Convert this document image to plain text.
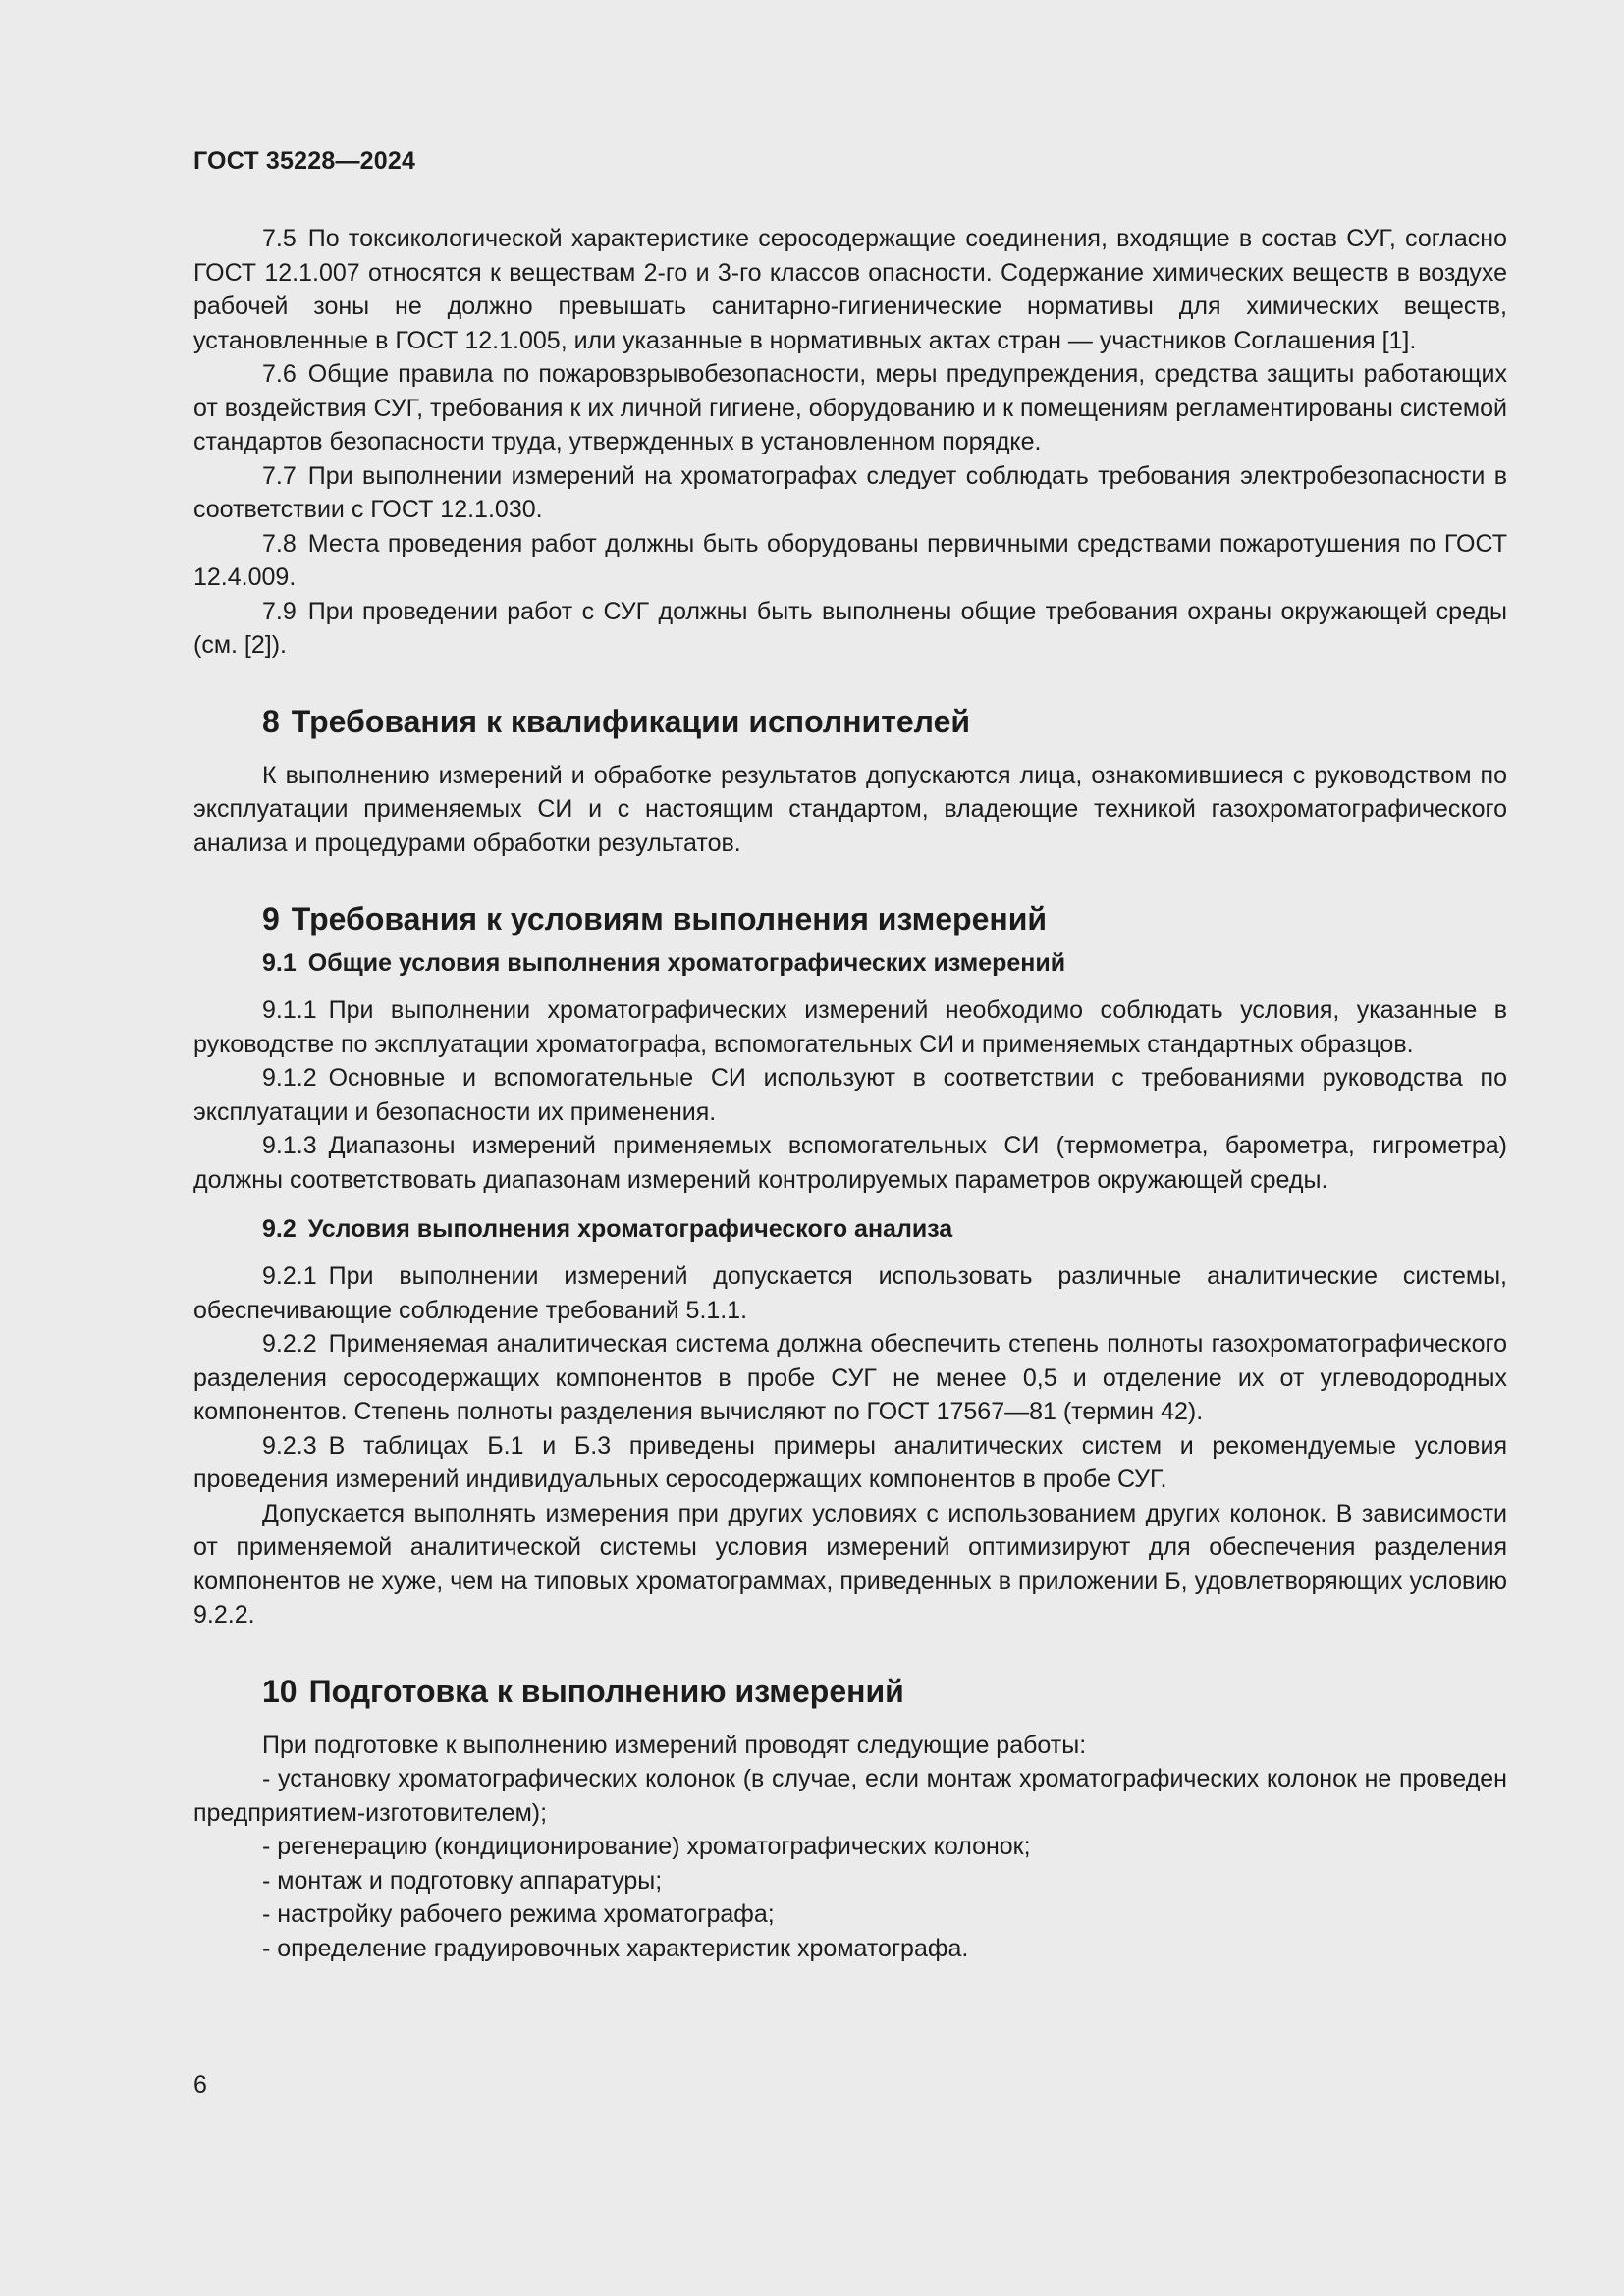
ГОСТ 35228—2024

7.5 По токсикологической характеристике серосодержащие соединения, входящие в состав СУГ, согласно ГОСТ 12.1.007 относятся к веществам 2-го и 3-го классов опасности. Содержание химических веществ в воздухе рабочей зоны не должно превышать санитарно-гигиенические нормативы для химических веществ, установленные в ГОСТ 12.1.005, или указанные в нормативных актах стран — участников Соглашения [1].

7.6 Общие правила по пожаровзрывобезопасности, меры предупреждения, средства защиты работающих от воздействия СУГ, требования к их личной гигиене, оборудованию и к помещениям регламентированы системой стандартов безопасности труда, утвержденных в установленном порядке.

7.7 При выполнении измерений на хроматографах следует соблюдать требования электробезопасности в соответствии с ГОСТ 12.1.030.

7.8 Места проведения работ должны быть оборудованы первичными средствами пожаротушения по ГОСТ 12.4.009.

7.9 При проведении работ с СУГ должны быть выполнены общие требования охраны окружающей среды (см. [2]).

8 Требования к квалификации исполнителей

К выполнению измерений и обработке результатов допускаются лица, ознакомившиеся с руководством по эксплуатации применяемых СИ и с настоящим стандартом, владеющие техникой газохроматографического анализа и процедурами обработки результатов.

9 Требования к условиям выполнения измерений
9.1 Общие условия выполнения хроматографических измерений

9.1.1 При выполнении хроматографических измерений необходимо соблюдать условия, указанные в руководстве по эксплуатации хроматографа, вспомогательных СИ и применяемых стандартных образцов.

9.1.2 Основные и вспомогательные СИ используют в соответствии с требованиями руководства по эксплуатации и безопасности их применения.

9.1.3 Диапазоны измерений применяемых вспомогательных СИ (термометра, барометра, гигрометра) должны соответствовать диапазонам измерений контролируемых параметров окружающей среды.

9.2 Условия выполнения хроматографического анализа

9.2.1 При выполнении измерений допускается использовать различные аналитические системы, обеспечивающие соблюдение требований 5.1.1.

9.2.2 Применяемая аналитическая система должна обеспечить степень полноты газохроматографического разделения серосодержащих компонентов в пробе СУГ не менее 0,5 и отделение их от углеводородных компонентов. Степень полноты разделения вычисляют по ГОСТ 17567—81 (термин 42).

9.2.3 В таблицах Б.1 и Б.3 приведены примеры аналитических систем и рекомендуемые условия проведения измерений индивидуальных серосодержащих компонентов в пробе СУГ.

Допускается выполнять измерения при других условиях с использованием других колонок. В зависимости от применяемой аналитической системы условия измерений оптимизируют для обеспечения разделения компонентов не хуже, чем на типовых хроматограммах, приведенных в приложении Б, удовлетворяющих условию 9.2.2.

10 Подготовка к выполнению измерений

При подготовке к выполнению измерений проводят следующие работы:

- установку хроматографических колонок (в случае, если монтаж хроматографических колонок не проведен предприятием-изготовителем);

- регенерацию (кондиционирование) хроматографических колонок;

- монтаж и подготовку аппаратуры;

- настройку рабочего режима хроматографа;

- определение градуировочных характеристик хроматографа.

6
